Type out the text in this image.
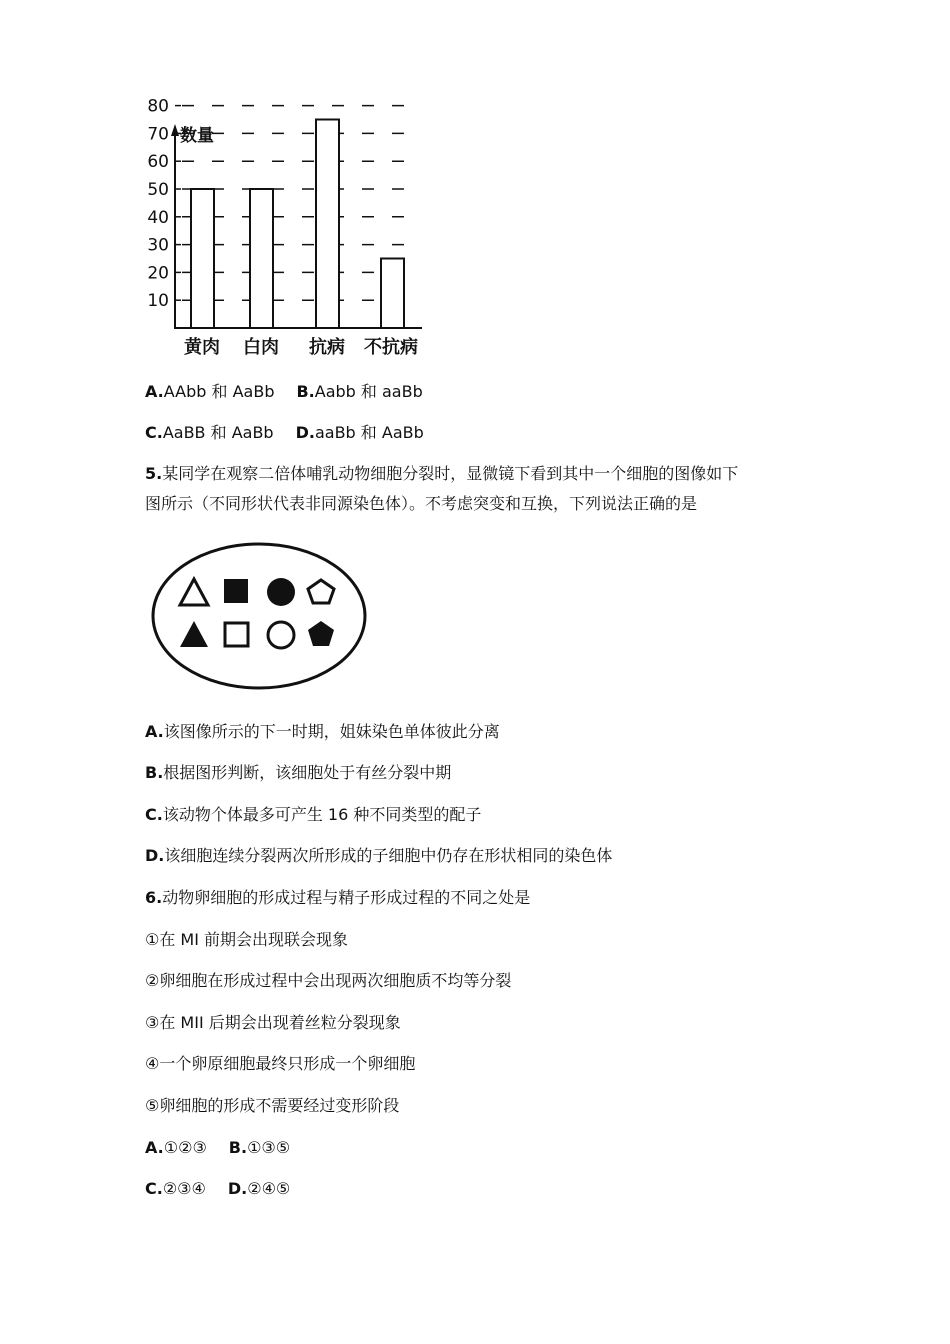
10
20
30
40
50
60
70
80
数量
黄肉 白肉 抗病 不抗病
A.AAbb 和 AaBb B.Aabb 和 aaBb
C.AaBB 和 AaBb D.aaBb 和 AaBb
5.某同学在观察二倍体哺乳动物细胞分裂时，显微镜下看到其中一个细胞的图像如下
图所示（不同形状代表非同源染色体）。不考虑突变和互换，下列说法正确的是
A.该图像所示的下一时期，姐妹染色单体彼此分离
B.根据图形判断，该细胞处于有丝分裂中期
C.该动物个体最多可产生 16 种不同类型的配子
D.该细胞连续分裂两次所形成的子细胞中仍存在形状相同的染色体
6.动物卵细胞的形成过程与精子形成过程的不同之处是
①在 MI 前期会出现联会现象
②卵细胞在形成过程中会出现两次细胞质不均等分裂
③在 MII 后期会出现着丝粒分裂现象
④一个卵原细胞最终只形成一个卵细胞
⑤卵细胞的形成不需要经过变形阶段
A.①②③ B.①③⑤
C.②③④ D.②④⑤
